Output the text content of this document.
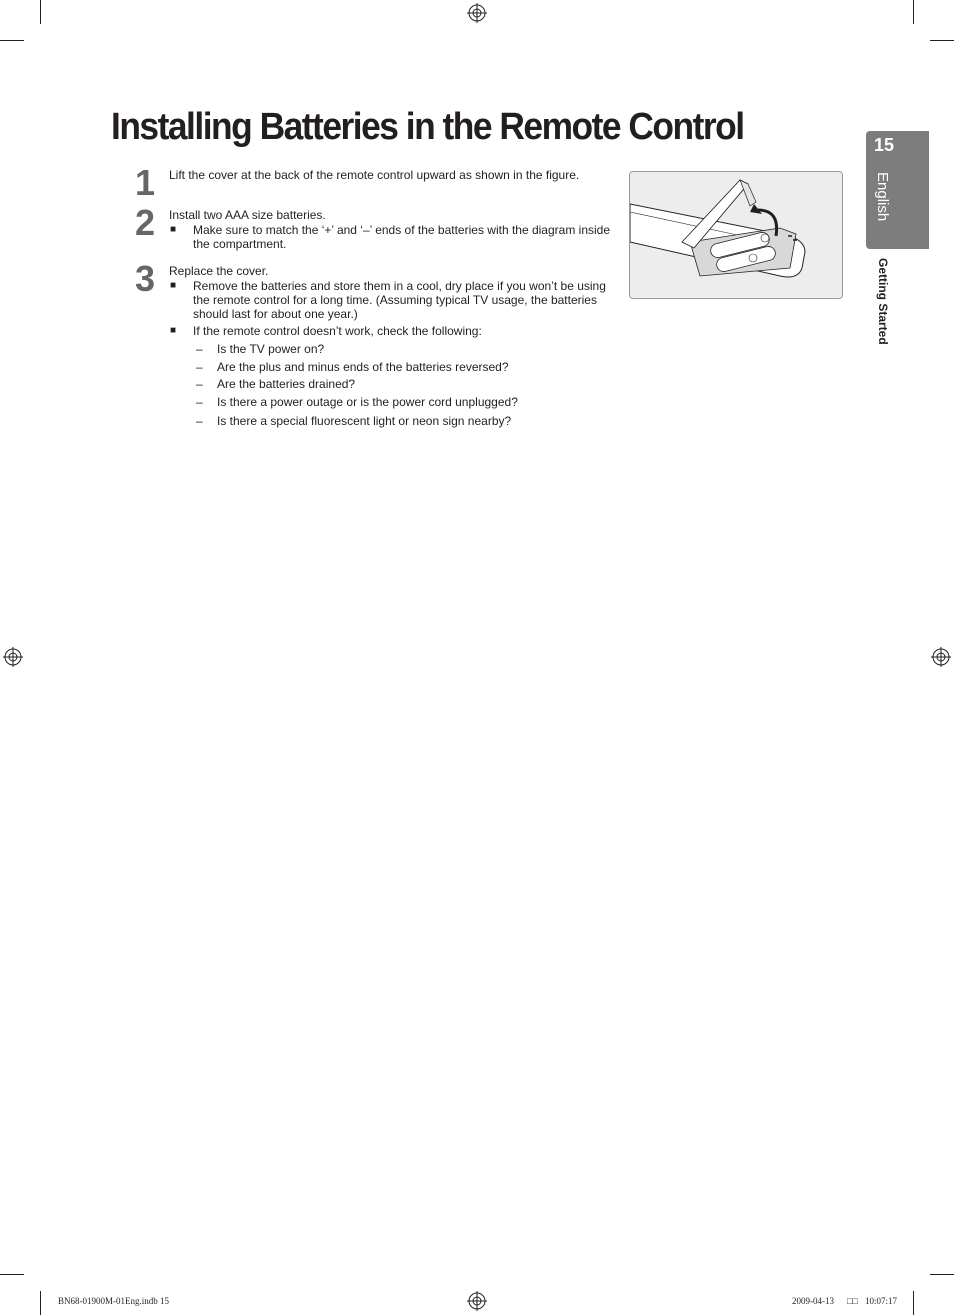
Installing Batteries in the Remote Control	15
English
Getting Started
1 Lift the cover at the back of the remote control upward as shown in the figure.
2 Install two AAA size batteries.
■ Make sure to match the ‘+’ and ‘–’ ends of the batteries with the diagram inside
the compartment.
3 Replace the cover.
■ Remove the batteries and store them in a cool, dry place if you won’t be using
the remote control for a long time. (Assuming typical TV usage, the batteries
should last for about one year.)
■ If the remote control doesn’t work, check the following:
– Is the TV power on?
– Are the plus and minus ends of the batteries reversed?
– Are the batteries drained?
– Is there a power outage or is the power cord unplugged?
– Is there a special fluorescent light or neon sign nearby?
BN68-01900M-01Eng.indb 15	2009-04-13 □□ 10:07:17
